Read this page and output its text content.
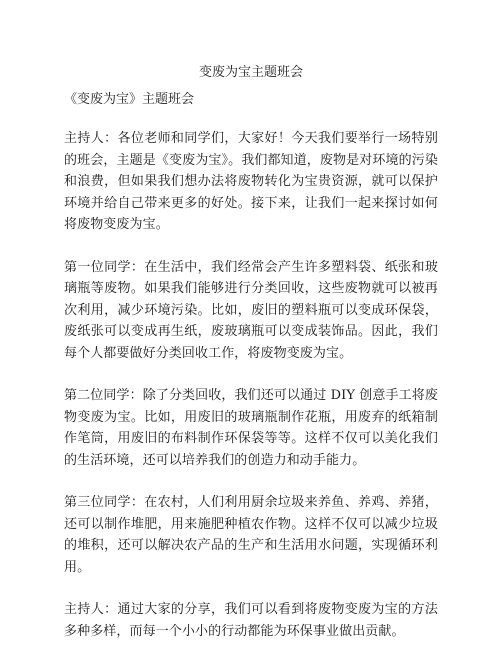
变废为宝主题班会
《变废为宝》主题班会

主持人：各位老师和同学们，大家好！今天我们要举行一场特别的班会，主题是《变废为宝》。我们都知道，废物是对环境的污染和浪费，但如果我们想办法将废物转化为宝贵资源，就可以保护环境并给自己带来更多的好处。接下来，让我们一起来探讨如何将废物变废为宝。

第一位同学：在生活中，我们经常会产生许多塑料袋、纸张和玻璃瓶等废物。如果我们能够进行分类回收，这些废物就可以被再次利用，减少环境污染。比如，废旧的塑料瓶可以变成环保袋，废纸张可以变成再生纸，废玻璃瓶可以变成装饰品。因此，我们每个人都要做好分类回收工作，将废物变废为宝。

第二位同学：除了分类回收，我们还可以通过 DIY 创意手工将废物变废为宝。比如，用废旧的玻璃瓶制作花瓶，用废弃的纸箱制作笔筒，用废旧的布料制作环保袋等等。这样不仅可以美化我们的生活环境，还可以培养我们的创造力和动手能力。

第三位同学：在农村，人们利用厨余垃圾来养鱼、养鸡、养猪，还可以制作堆肥，用来施肥种植农作物。这样不仅可以减少垃圾的堆积，还可以解决农产品的生产和生活用水问题，实现循环利用。

主持人：通过大家的分享，我们可以看到将废物变废为宝的方法多种多样，而每一个小小的行动都能为环保事业做出贡献。
